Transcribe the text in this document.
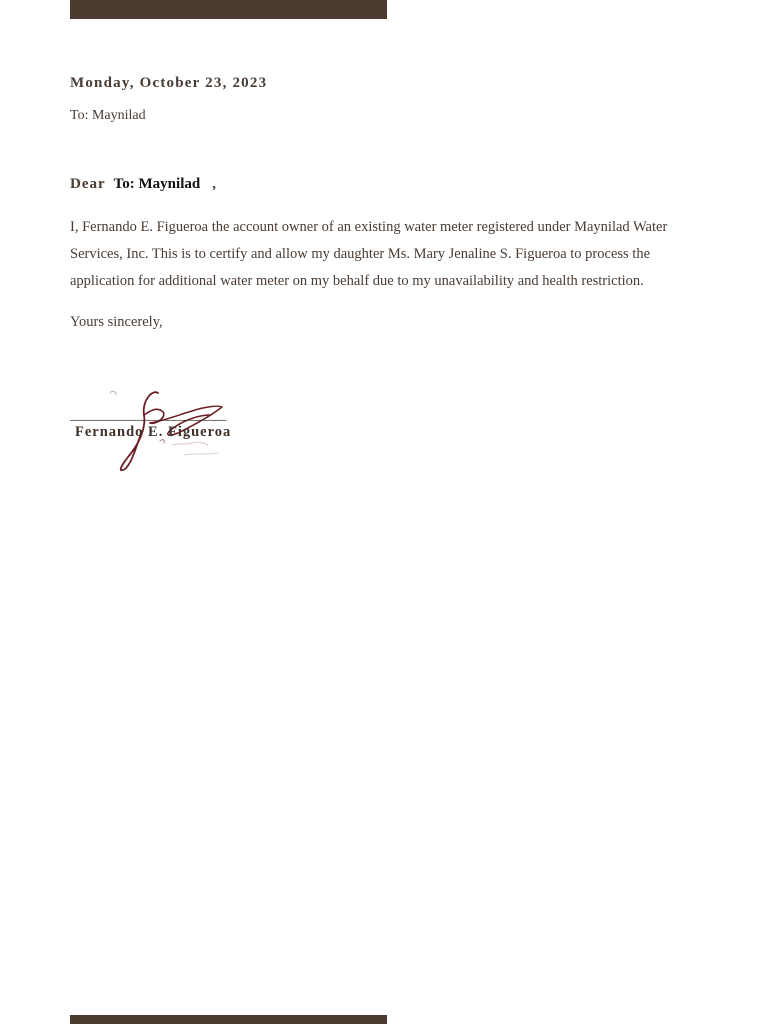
Monday, October 23, 2023
To: Maynilad
Dear To: Maynilad ,

I, Fernando E. Figueroa the account owner of an existing water meter registered under Maynilad Water Services, Inc. This is to certify and allow my daughter Ms. Mary Jenaline S. Figueroa to process the application for additional water meter on my behalf due to my unavailability and health restriction.

Yours sincerely,
________________________
Fernando E. Figueroa
